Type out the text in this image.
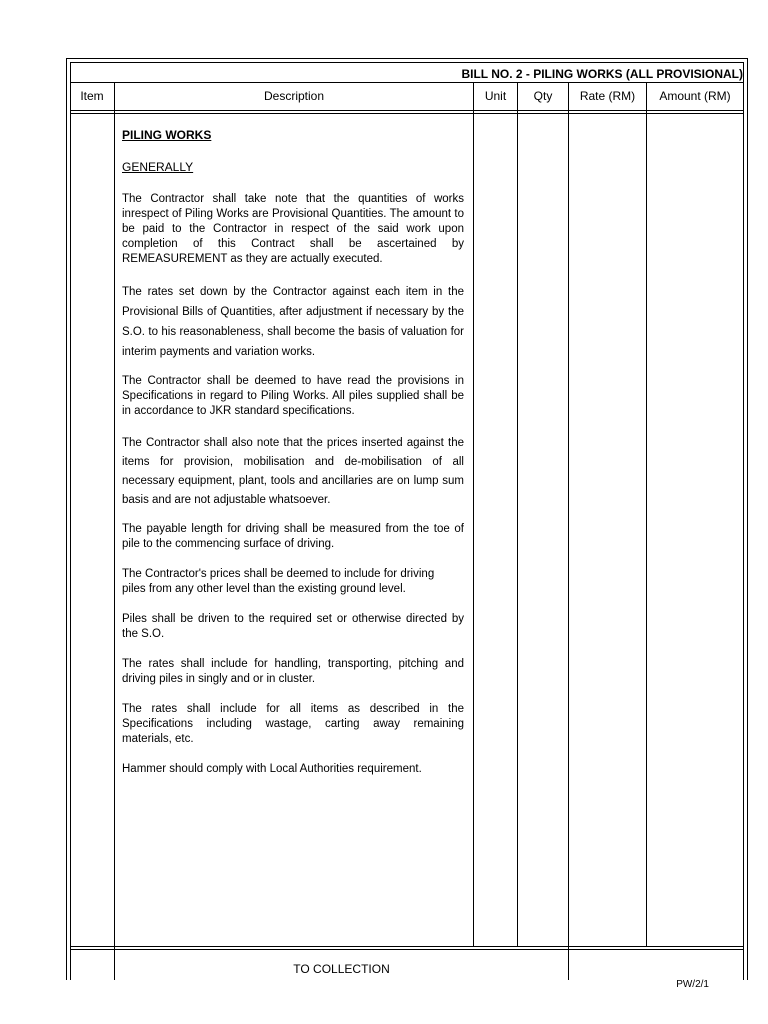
BILL NO. 2 - PILING WORKS (ALL PROVISIONAL)
Item	Description	Unit	Qty	Rate (RM)	Amount (RM)
PILING WORKS
GENERALLY

The Contractor shall take note that the quantities of works inrespect of Piling Works are Provisional Quantities. The amount to be paid to the Contractor in respect of the said work upon completion of this Contract shall be ascertained by REMEASUREMENT as they are actually executed.

The rates set down by the Contractor against each item in the Provisional Bills of Quantities, after adjustment if necessary by the S.O. to his reasonableness, shall become the basis of valuation for interim payments and variation works.

The Contractor shall be deemed to have read the provisions in Specifications in regard to Piling Works. All piles supplied shall be in accordance to JKR standard specifications.

The Contractor shall also note that the prices inserted against the items for provision, mobilisation and de-mobilisation of all necessary equipment, plant, tools and ancillaries are on lump sum basis and are not adjustable whatsoever.

The payable length for driving shall be measured from the toe of pile to the commencing surface of driving.

The Contractor's prices shall be deemed to include for driving piles from any other level than the existing ground level.

Piles shall be driven to the required set or otherwise directed by the S.O.

The rates shall include for handling, transporting, pitching and driving piles in singly and or in cluster.

The rates shall include for all items as described in the Specifications including wastage, carting away remaining materials, etc.

Hammer should comply with Local Authorities requirement.

TO COLLECTION
PW/2/1
